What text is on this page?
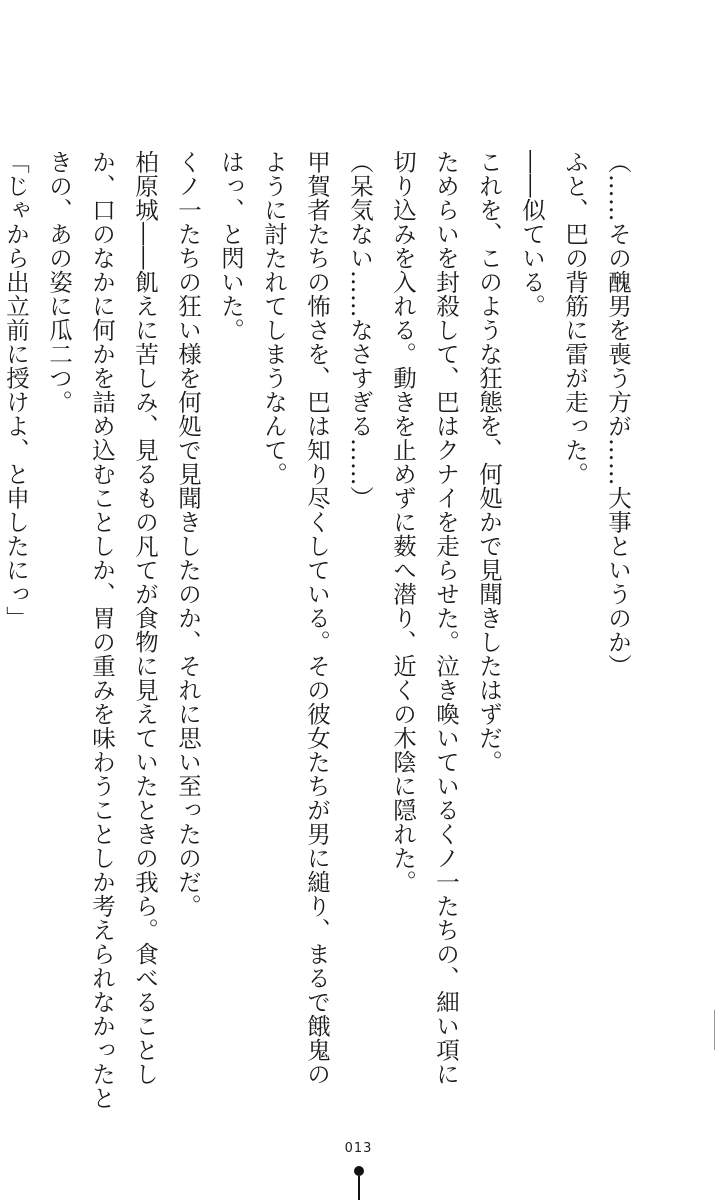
（……その醜男を喪う方が……大事というのか）

ふと、巴の背筋に雷が走った。

――似ている。

これを、このような狂態を、何処かで見聞きしたはずだ。

ためらいを封殺して、巴はクナイを走らせた。泣き喚いているくノ一たちの、細い項に

切り込みを入れる。動きを止めずに薮へ潜り、近くの木陰に隠れた。

（呆気ない……なさすぎる……）

甲賀者たちの怖さを、巴は知り尽くしている。その彼女たちが男に縋り、まるで餓鬼の

ように討たれてしまうなんて。

はっ、と閃いた。

くノ一たちの狂い様を何処で見聞きしたのか、それに思い至ったのだ。

柏原城――飢えに苦しみ、見るもの凡てが食物に見えていたときの我ら。食べることし

か、口のなかに何かを詰め込むことしか、胃の重みを味わうことしか考えられなかったと

きの、あの姿に瓜二つ。

「じゃから出立前に授けよ、と申したにっ」

013
